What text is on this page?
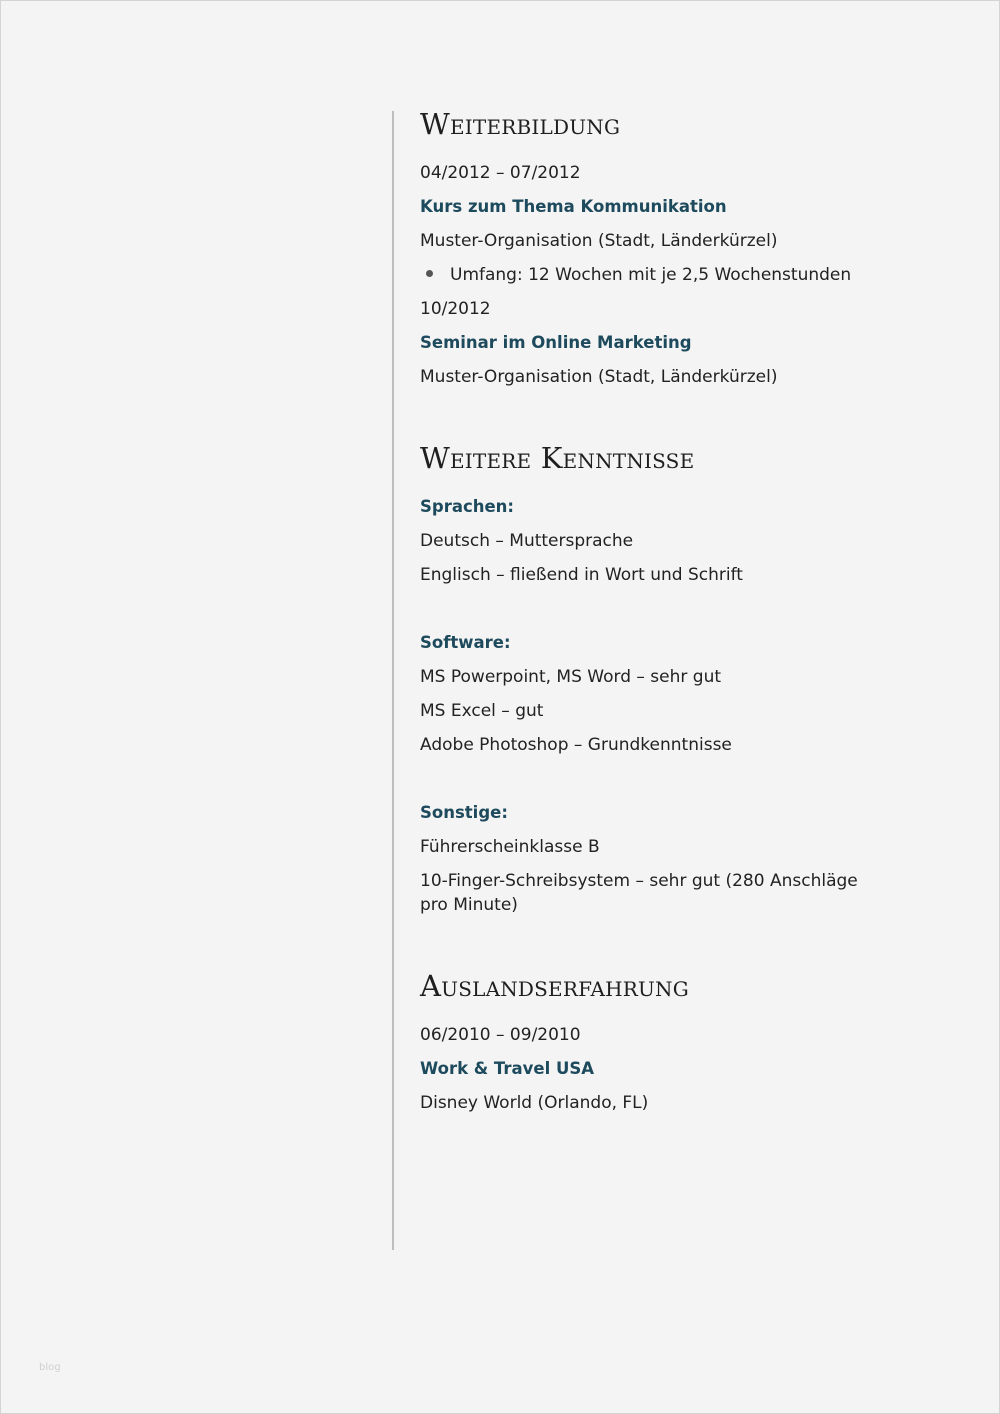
Weiterbildung

04/2012 – 07/2012

Kurs zum Thema Kommunikation

Muster-Organisation (Stadt, Länderkürzel)

Umfang: 12 Wochen mit je 2,5 Wochenstunden

10/2012

Seminar im Online Marketing

Muster-Organisation (Stadt, Länderkürzel)

Weitere Kenntnisse

Sprachen:

Deutsch – Muttersprache

Englisch – fließend in Wort und Schrift

Software:

MS Powerpoint, MS Word – sehr gut

MS Excel – gut

Adobe Photoshop – Grundkenntnisse

Sonstige:

Führerscheinklasse B

10-Finger-Schreibsystem – sehr gut (280 Anschläge pro Minute)

Auslandserfahrung

06/2010 – 09/2010

Work & Travel USA

Disney World (Orlando, FL)

blog
